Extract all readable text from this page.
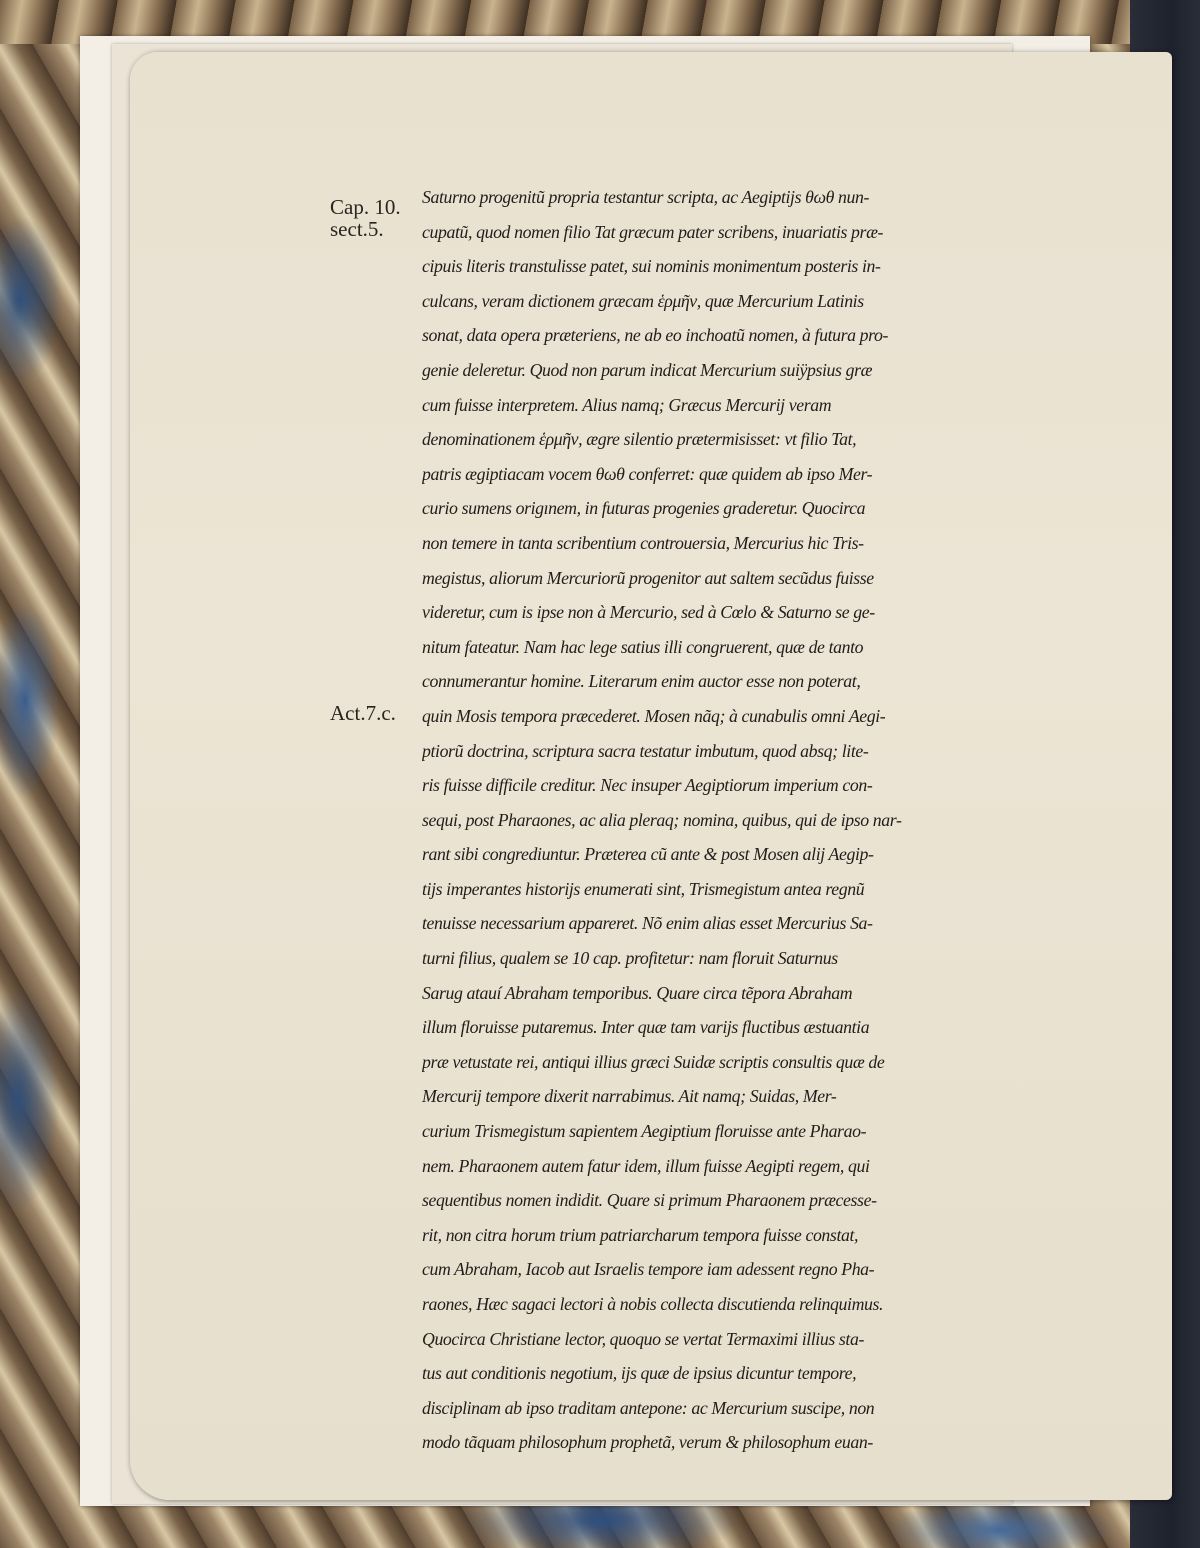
Cap. 10.
sect.5.
Act.7.c.
Saturno progenitũ propria testantur scripta, ac Aegiptijs θωθ nun-
cupatũ, quod nomen filio Tat græcum pater scribens, inuariatis præ-
cipuis literis transtulisse patet, sui nominis monimentum posteris in-
culcans, veram dictionem græcam ἑρμῆν, quæ Mercurium Latinis
sonat, data opera præteriens, ne ab eo inchoatũ nomen, à futura pro-
genie deleretur. Quod non parum indicat Mercurium suiÿpsius græ
cum fuisse interpretem. Alius namq; Græcus Mercurij veram
denominationem ἑρμῆν, ægre silentio prætermisisset: vt filio Tat,
patris ægiptiacam vocem θωθ conferret: quæ quidem ab ipso Mer-
curio sumens origınem, in futuras progenies graderetur. Quocirca
non temere in tanta scribentium controuersia, Mercurius hic Tris-
megistus, aliorum Mercuriorũ progenitor aut saltem secũdus fuisse
videretur, cum is ipse non à Mercurio, sed à Cœlo & Saturno se ge-
nitum fateatur. Nam hac lege satius illi congruerent, quæ de tanto
connumerantur homine. Literarum enim auctor esse non poterat,
quin Mosis tempora præcederet. Mosen nãq; à cunabulis omni Aegi-
ptiorũ doctrina, scriptura sacra testatur imbutum, quod absq; lite-
ris fuisse difficile creditur. Nec insuper Aegiptiorum imperium con-
sequi, post Pharaones, ac alia pleraq; nomina, quibus, qui de ipso nar-
rant sibi congrediuntur. Præterea cũ ante & post Mosen alij Aegip-
tijs imperantes historijs enumerati sint, Trismegistum antea regnũ
tenuisse necessarium appareret. Nõ enim alias esset Mercurius Sa-
turni filius, qualem se 10 cap. profitetur: nam floruit Saturnus
Sarug atauí Abraham temporibus. Quare circa tẽpora Abraham
illum floruisse putaremus. Inter quæ tam varijs fluctibus æstuantia
præ vetustate rei, antiqui illius græci Suidæ scriptis consultis quæ de
Mercurij tempore dixerit narrabimus. Ait namq; Suidas, Mer-
curium Trismegistum sapientem Aegiptium floruisse ante Pharao-
nem. Pharaonem autem fatur idem, illum fuisse Aegipti regem, qui
sequentibus nomen indidit. Quare si primum Pharaonem præcesse-
rit, non citra horum trium patriarcharum tempora fuisse constat,
cum Abraham, Iacob aut Israelis tempore iam adessent regno Pha-
raones, Hæc sagaci lectori à nobis collecta discutienda relinquimus.
Quocirca Christiane lector, quoquo se vertat Termaximi illius sta-
tus aut conditionis negotium, ijs quæ de ipsius dicuntur tempore,
disciplinam ab ipso traditam antepone: ac Mercurium suscipe, non
modo tãquam philosophum prophetã, verum & philosophum euan-
